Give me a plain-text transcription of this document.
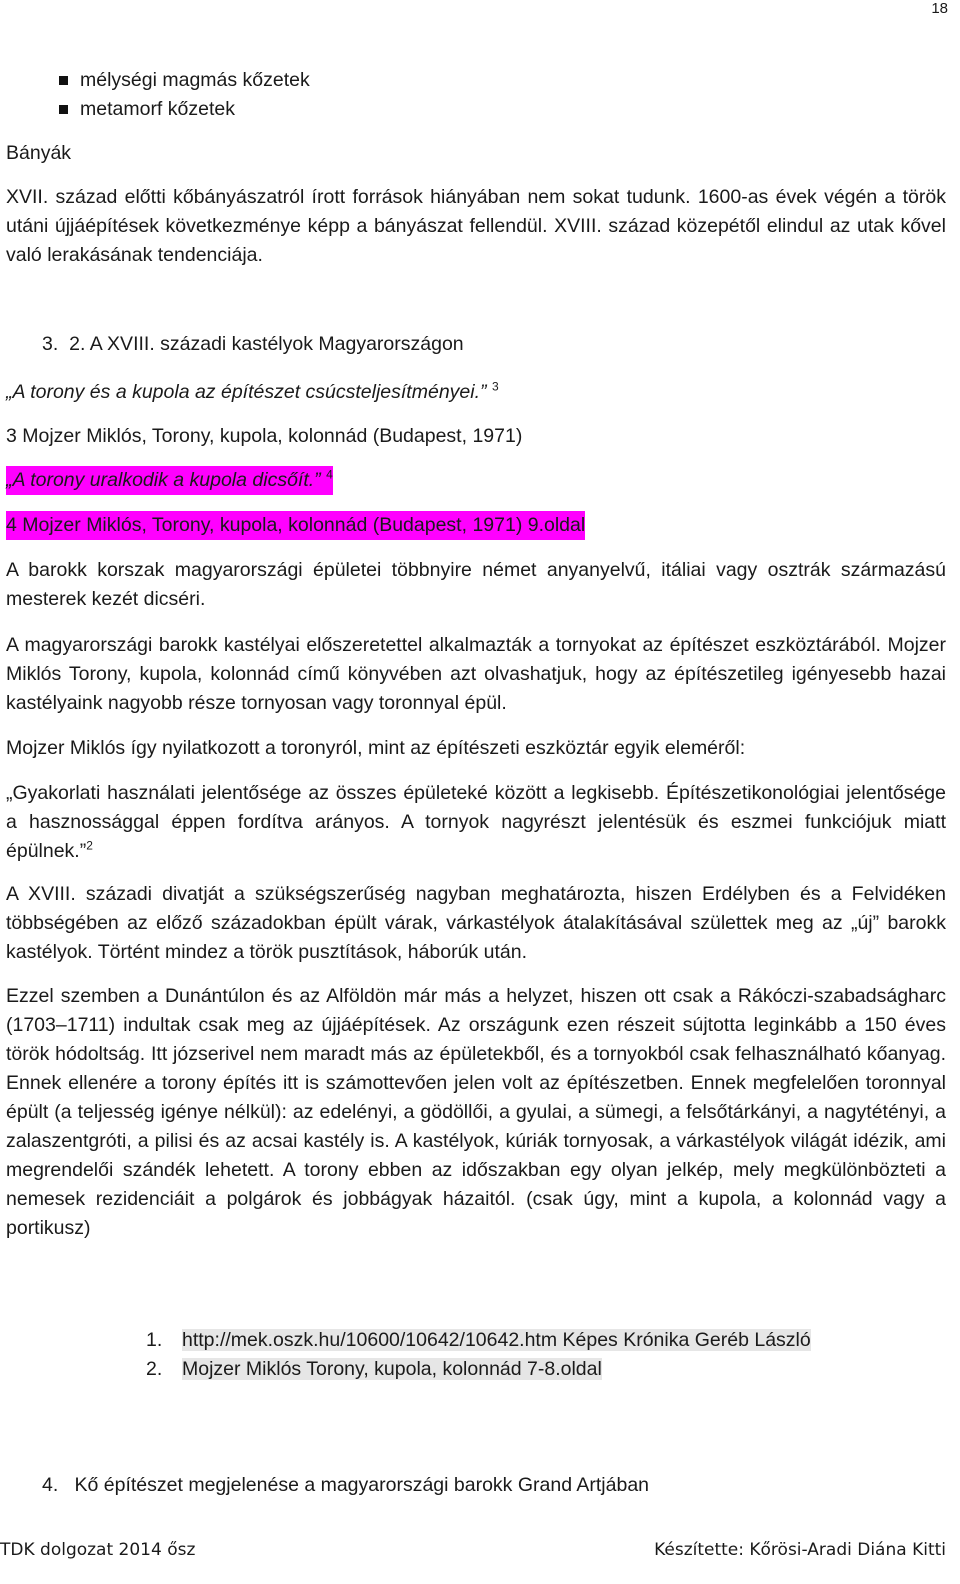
18
mélységi magmás kőzetek
metamorf kőzetek
Bányák

XVII. század előtti kőbányászatról írott források hiányában nem sokat tudunk. 1600-as évek végén a török utáni újjáépítések következménye képp a bányászat fellendül. XVIII. század közepétől elindul az utak kővel való lerakásának tendenciája.

3.  2. A XVIII. századi kastélyok Magyarországon
„A torony és a kupola az építészet csúcsteljesítményei.” $^3$
3 Mojzer Miklós, Torony, kupola, kolonnád (Budapest, 1971)
„A torony uralkodik a kupola dicsőít.” $^4$
4 Mojzer Miklós, Torony, kupola, kolonnád (Budapest, 1971) 9.oldal

A barokk korszak magyarországi épületei többnyire német anyanyelvű, itáliai vagy osztrák származású mesterek kezét dicséri.

A magyarországi barokk kastélyai előszeretettel alkalmazták a tornyokat az építészet eszköztárából. Mojzer Miklós Torony, kupola, kolonnád című könyvében azt olvashatjuk, hogy az építészetileg igényesebb hazai kastélyaink nagyobb része tornyosan vagy toronnyal épül.

Mojzer Miklós így nyilatkozott a toronyról, mint az építészeti eszköztár egyik eleméről:

„Gyakorlati használati jelentősége az összes épületeké között a legkisebb. Építészetikonológiai jelentősége a hasznossággal éppen fordítva arányos. A tornyok nagyrészt jelentésük és eszmei funkciójuk miatt épülnek.”$^2$

A XVIII. századi divatját a szükségszerűség nagyban meghatározta, hiszen Erdélyben és a Felvidéken többségében az előző századokban épült várak, várkastélyok átalakításával születtek meg az „új” barokk kastélyok. Történt mindez a török pusztítások, háborúk után.

Ezzel szemben a Dunántúlon és az Alföldön már más a helyzet, hiszen ott csak a Rákóczi-szabadságharc (1703–1711) indultak csak meg az újjáépítések. Az országunk ezen részeit sújtotta leginkább a 150 éves török hódoltság. Itt józserivel nem maradt más az épületekből, és a tornyokból csak felhasználható kőanyag. Ennek ellenére a torony építés itt is számottevően jelen volt az építészetben. Ennek megfelelően toronnyal épült (a teljesség igénye nélkül): az edelényi, a gödöllői, a gyulai, a sümegi, a felsőtárkányi, a nagytétényi, a zalaszentgróti, a pilisi és az acsai kastély is. A kastélyok, kúriák tornyosak, a várkastélyok világát idézik, ami megrendelői szándék lehetett. A torony ebben az időszakban egy olyan jelkép, mely megkülönbözteti a nemesek rezidenciáit a polgárok és jobbágyak házaitól. (csak úgy, mint a kupola, a kolonnád vagy a portikusz)

1. http://mek.oszk.hu/10600/10642/10642.htm Képes Krónika Geréb László
2. Mojzer Miklós Torony, kupola, kolonnád 7-8.oldal
4.   Kő építészet megjelenése a magyarországi barokk Grand Artjában
TDK dolgozat 2014 ősz	Készítette: Kőrösi-Aradi Diána Kitti
